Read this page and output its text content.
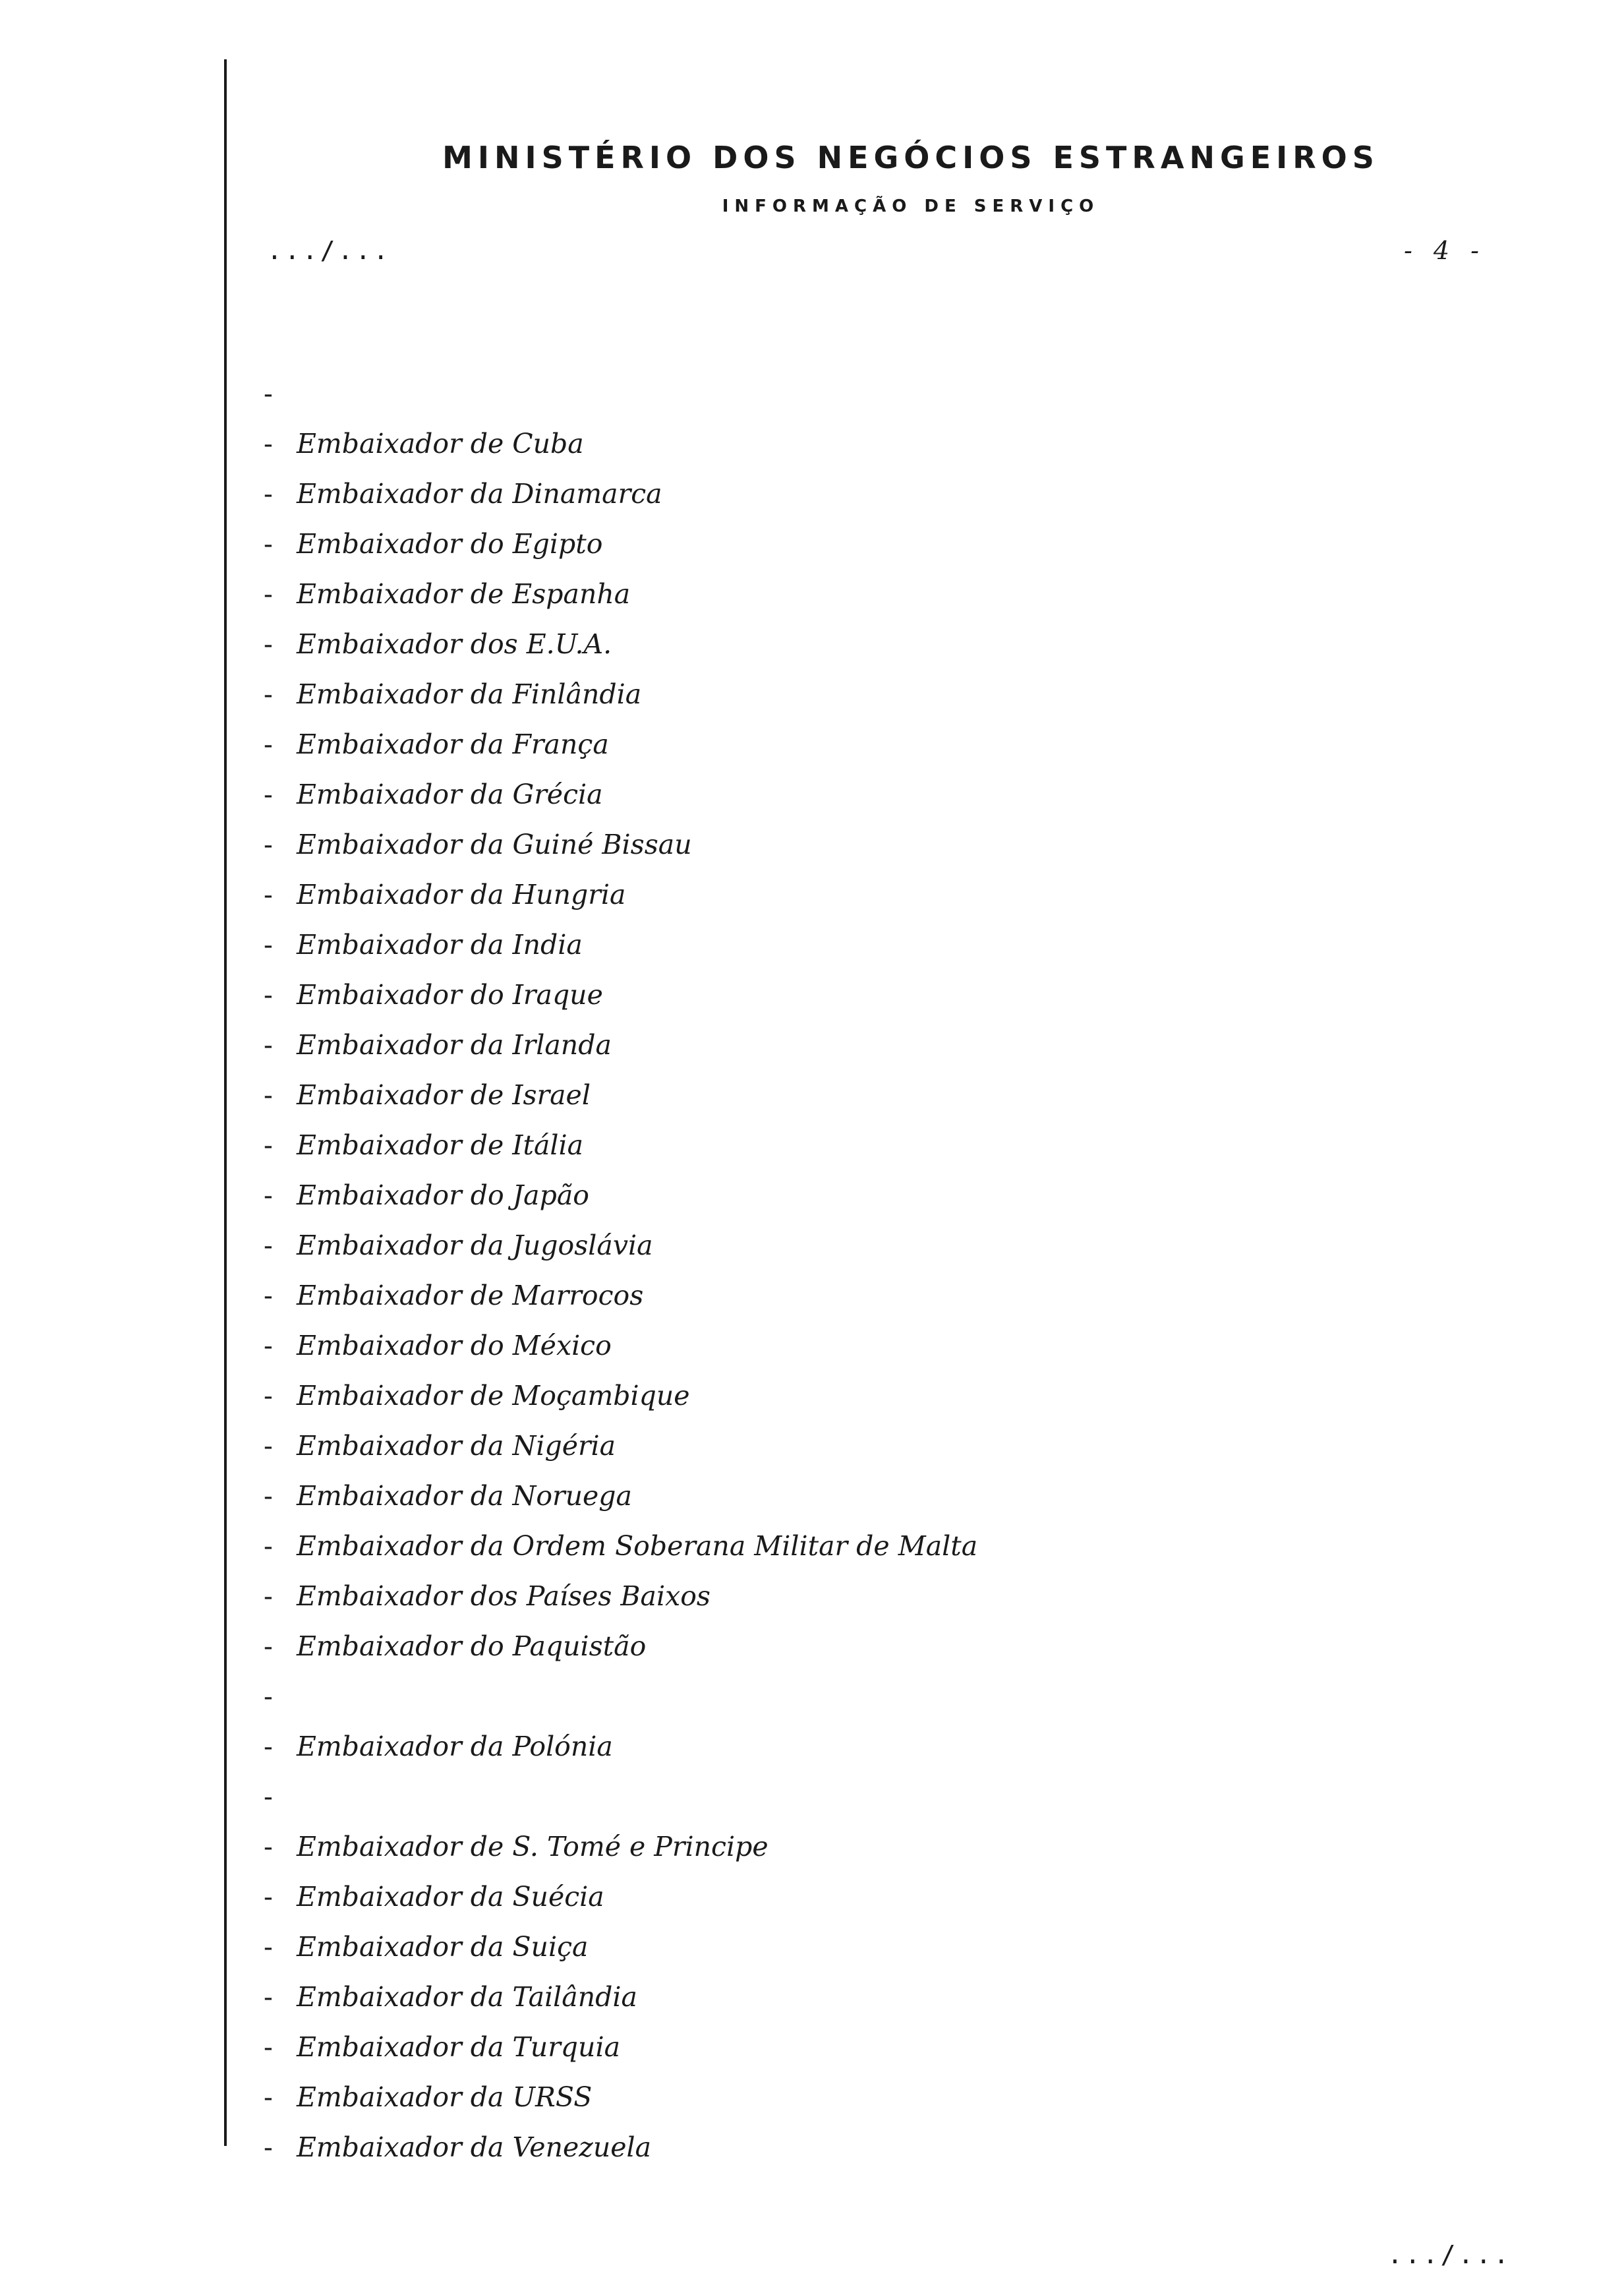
MINISTÉRIO DOS NEGÓCIOS ESTRANGEIROS
INFORMAÇÃO DE SERVIÇO
.../...	- 4 -
-
- Embaixador de Cuba
- Embaixador da Dinamarca
- Embaixador do Egipto
- Embaixador de Espanha
- Embaixador dos E.U.A.
- Embaixador da Finlândia
- Embaixador da França
- Embaixador da Grécia
- Embaixador da Guiné Bissau
- Embaixador da Hungria
- Embaixador da India
- Embaixador do Iraque
- Embaixador da Irlanda
- Embaixador de Israel
- Embaixador de Itália
- Embaixador do Japão
- Embaixador da Jugoslávia
- Embaixador de Marrocos
- Embaixador do México
- Embaixador de Moçambique
- Embaixador da Nigéria
- Embaixador da Noruega
- Embaixador da Ordem Soberana Militar de Malta
- Embaixador dos Países Baixos
- Embaixador do Paquistão
-
- Embaixador da Polónia
-
- Embaixador de S. Tomé e Principe
- Embaixador da Suécia
- Embaixador da Suiça
- Embaixador da Tailândia
- Embaixador da Turquia
- Embaixador da URSS
- Embaixador da Venezuela
.../...
